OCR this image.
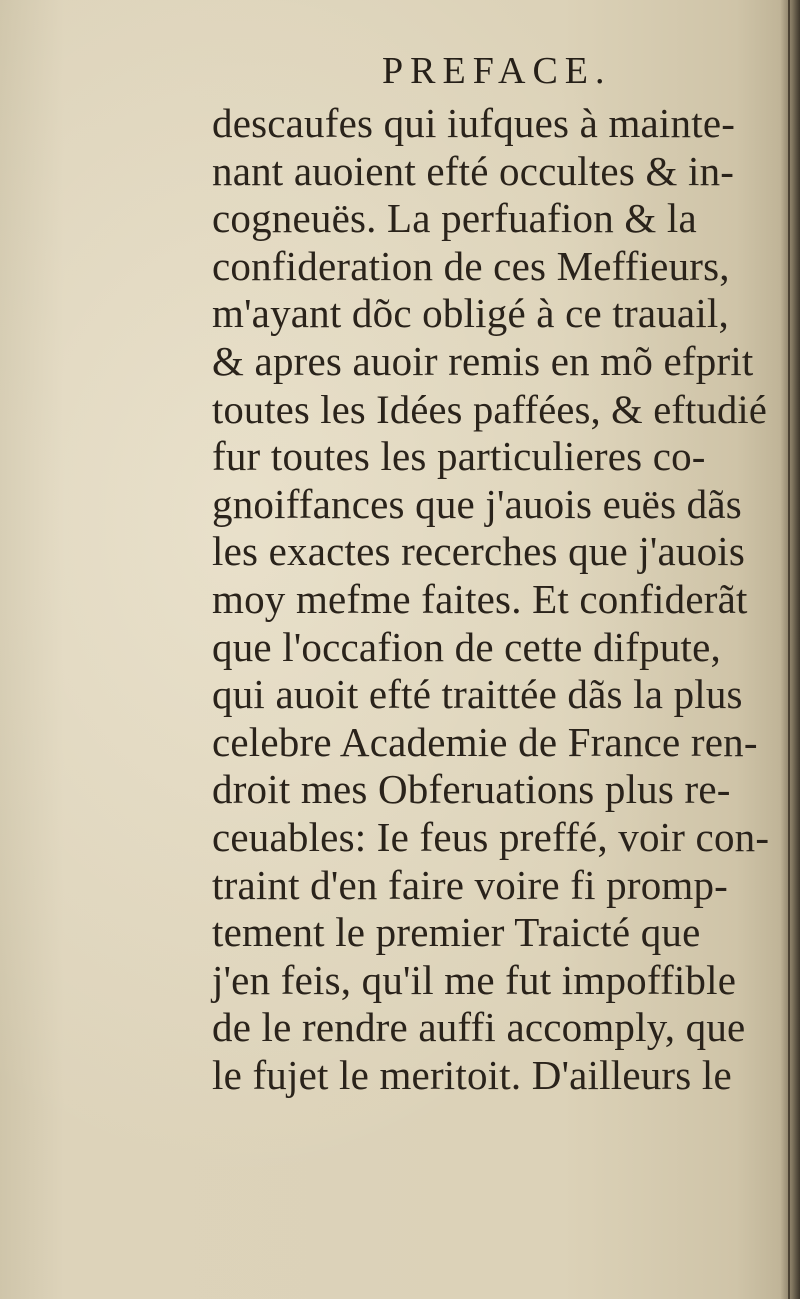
PREFACE.
descaufes qui iufques à mainte-
nant auoient efté occultes & in-
cogneuës. La perfuafion & la
confideration de ces Meffieurs,
m'ayant dõc obligé à ce trauail,
& apres auoir remis en mõ efprit
toutes les Idées paffées, & eftudié
fur toutes les particulieres co-
gnoiffances que j'auois euës dãs
les exactes recerches que j'auois
moy mefme faites. Et confiderãt
que l'occafion de cette difpute,
qui auoit efté traittée dãs la plus
celebre Academie de France ren-
droit mes Obferuations plus re-
ceuables: Ie feus preffé, voir con-
traint d'en faire voire fi promp-
tement le premier Traicté que
j'en feis, qu'il me fut impoffible
de le rendre auffi accomply, que
le fujet le meritoit. D'ailleurs le
